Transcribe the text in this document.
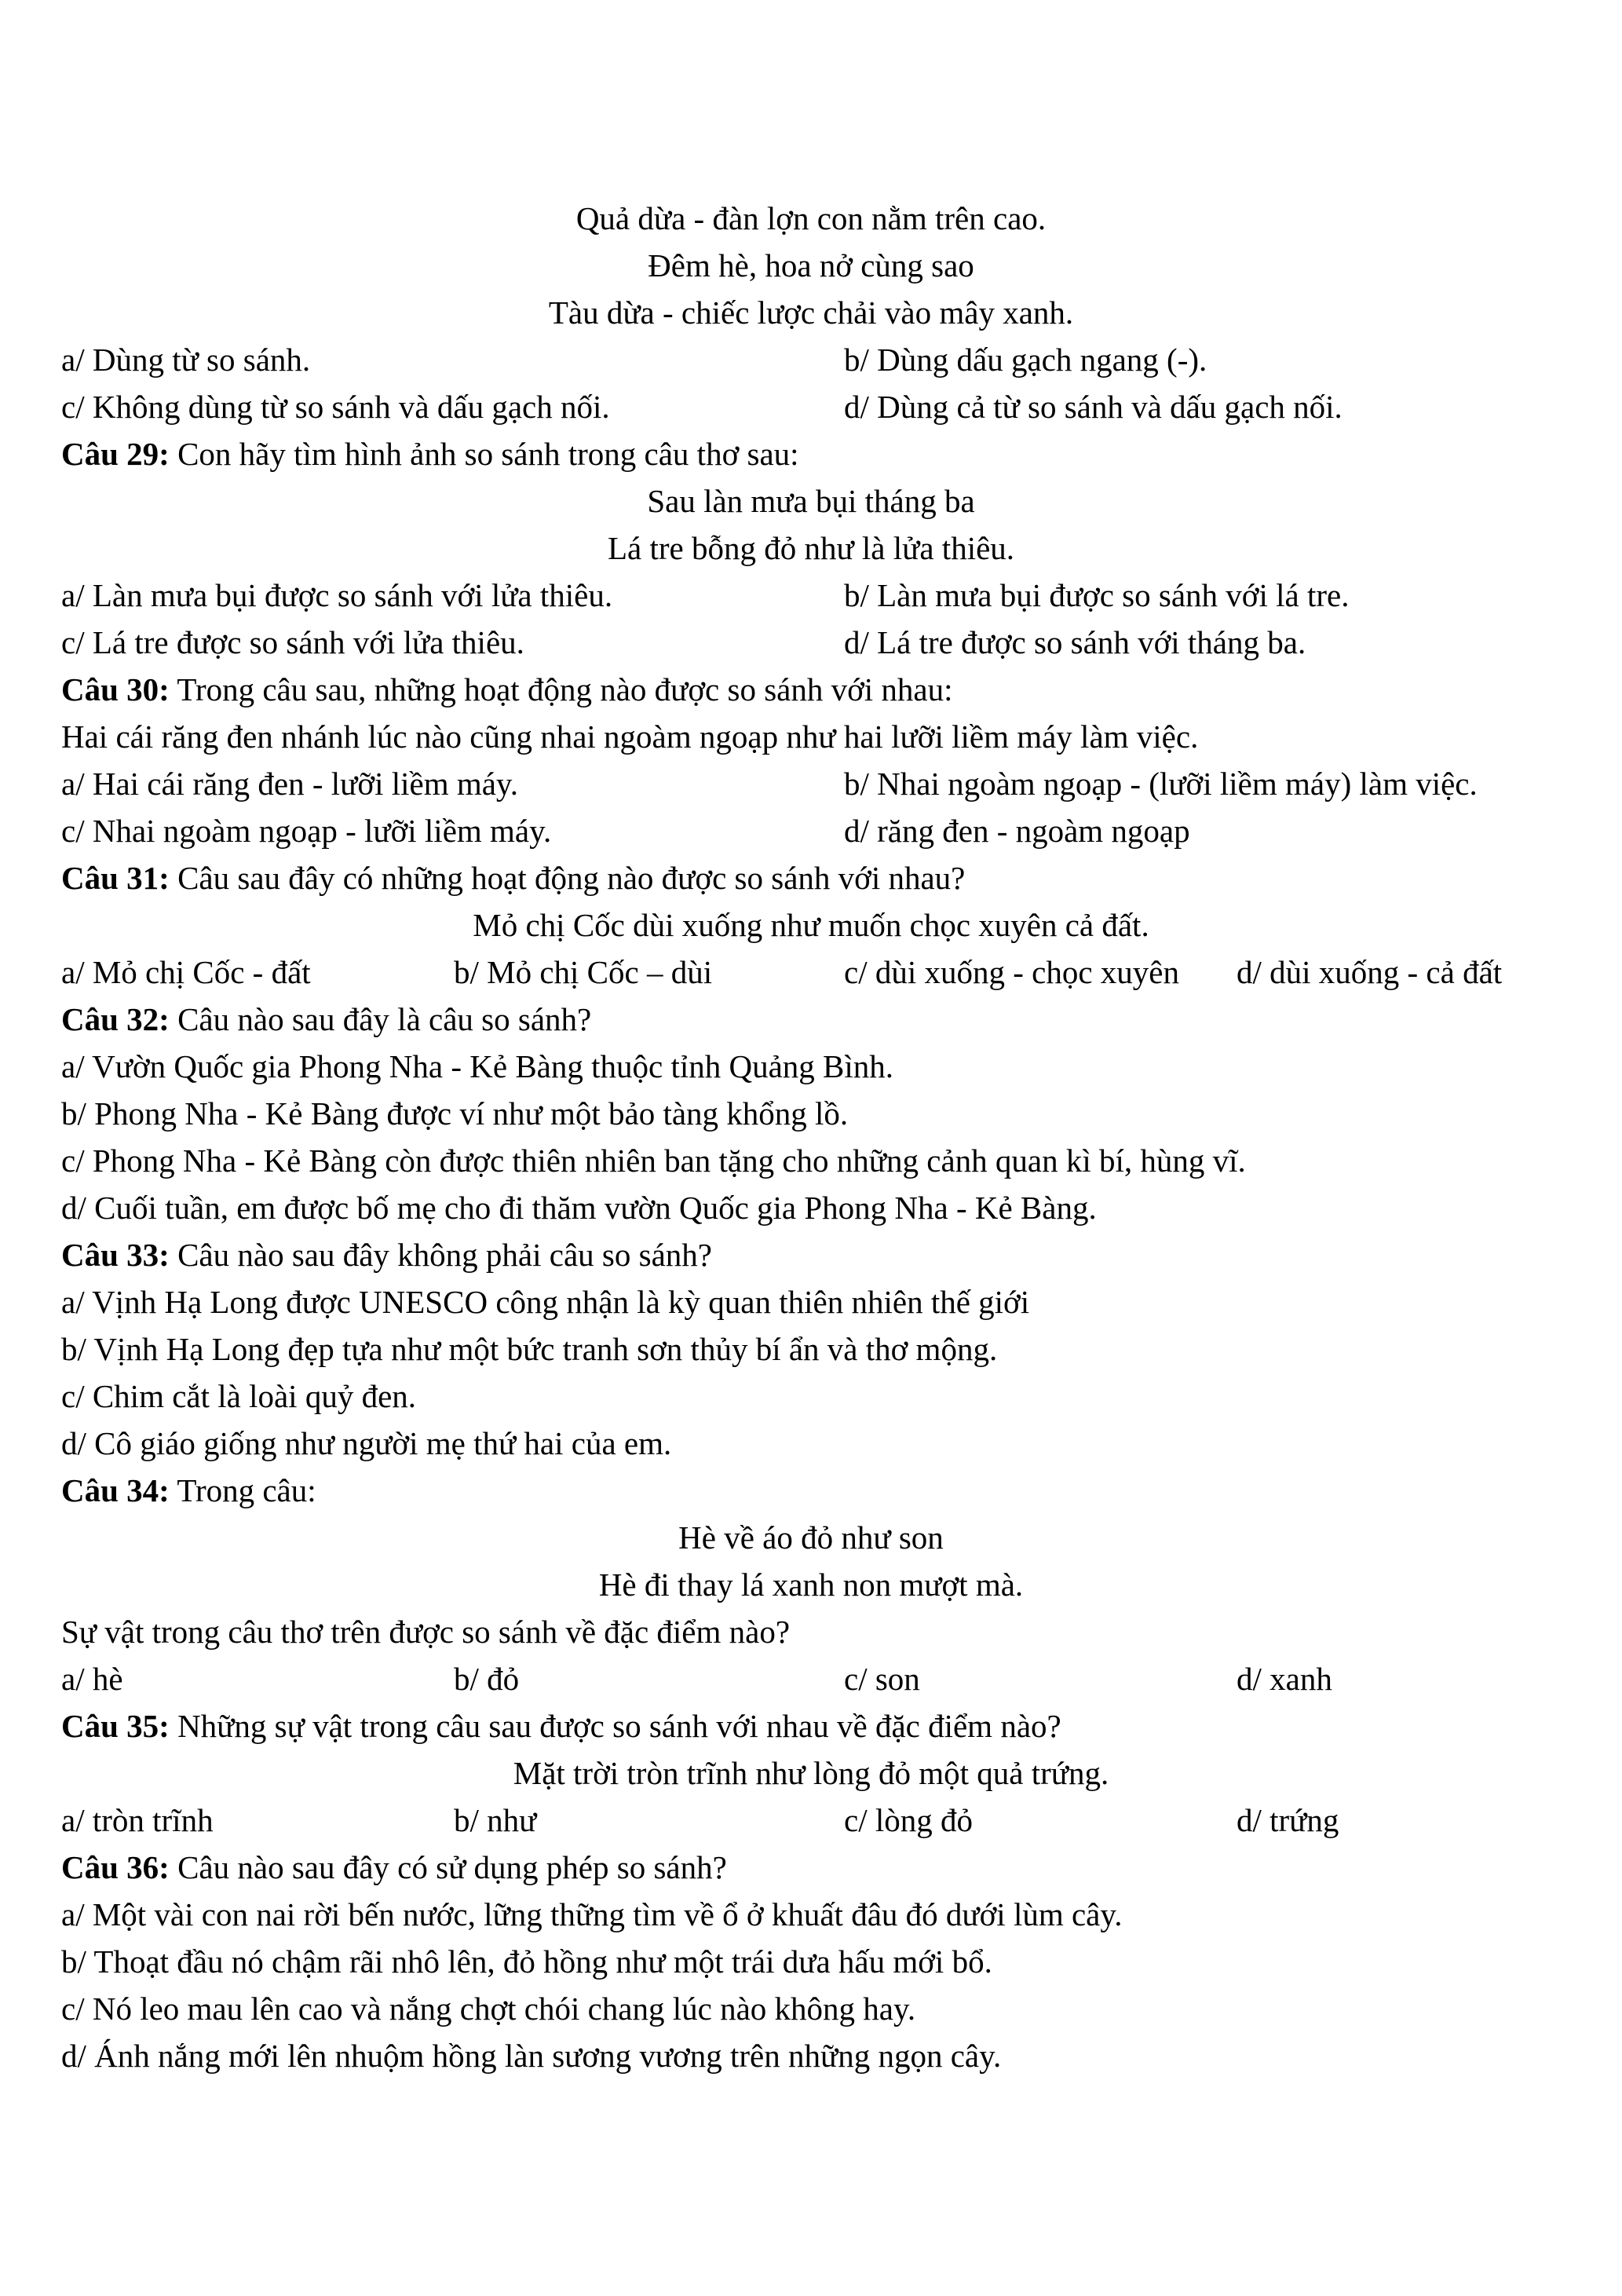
Quả dừa - đàn lợn con nằm trên cao.
Đêm hè, hoa nở cùng sao
Tàu dừa - chiếc lược chải vào mây xanh.
a/ Dùng từ so sánh.	b/ Dùng dấu gạch ngang (-).
c/ Không dùng từ so sánh và dấu gạch nối.	d/ Dùng cả từ so sánh và dấu gạch nối.
Câu 29: Con hãy tìm hình ảnh so sánh trong câu thơ sau:
Sau làn mưa bụi tháng ba
Lá tre bỗng đỏ như là lửa thiêu.
a/ Làn mưa bụi được so sánh với lửa thiêu.	b/ Làn mưa bụi được so sánh với lá tre.
c/ Lá tre được so sánh với lửa thiêu.	d/ Lá tre được so sánh với tháng ba.
Câu 30: Trong câu sau, những hoạt động nào được so sánh với nhau:
Hai cái răng đen nhánh lúc nào cũng nhai ngoàm ngoạp như hai lưỡi liềm máy làm việc.
a/ Hai cái răng đen - lưỡi liềm máy.	b/ Nhai ngoàm ngoạp - (lưỡi liềm máy) làm việc.
c/ Nhai ngoàm ngoạp - lưỡi liềm máy.	d/ răng đen - ngoàm ngoạp
Câu 31: Câu sau đây có những hoạt động nào được so sánh với nhau?
Mỏ chị Cốc dùi xuống như muốn chọc xuyên cả đất.
a/ Mỏ chị Cốc - đất	b/ Mỏ chị Cốc – dùi	c/ dùi xuống - chọc xuyên d/ dùi xuống - cả đất
Câu 32: Câu nào sau đây là câu so sánh?
a/ Vườn Quốc gia Phong Nha - Kẻ Bàng thuộc tỉnh Quảng Bình.
b/ Phong Nha - Kẻ Bàng được ví như một bảo tàng khổng lồ.
c/ Phong Nha - Kẻ Bàng còn được thiên nhiên ban tặng cho những cảnh quan kì bí, hùng vĩ.
d/ Cuối tuần, em được bố mẹ cho đi thăm vườn Quốc gia Phong Nha - Kẻ Bàng.
Câu 33: Câu nào sau đây không phải câu so sánh?
a/ Vịnh Hạ Long được UNESCO công nhận là kỳ quan thiên nhiên thế giới
b/ Vịnh Hạ Long đẹp tựa như một bức tranh sơn thủy bí ẩn và thơ mộng.
c/ Chim cắt là loài quỷ đen.
d/ Cô giáo giống như người mẹ thứ hai của em.
Câu 34: Trong câu:
Hè về áo đỏ như son
Hè đi thay lá xanh non mượt mà.
Sự vật trong câu thơ trên được so sánh về đặc điểm nào?
a/ hè	b/ đỏ	c/ son	d/ xanh
Câu 35: Những sự vật trong câu sau được so sánh với nhau về đặc điểm nào?
Mặt trời tròn trĩnh như lòng đỏ một quả trứng.
a/ tròn trĩnh	b/ như	c/ lòng đỏ	d/ trứng
Câu 36: Câu nào sau đây có sử dụng phép so sánh?
a/ Một vài con nai rời bến nước, lững thững tìm về ổ ở khuất đâu đó dưới lùm cây.
b/ Thoạt đầu nó chậm rãi nhô lên, đỏ hồng như một trái dưa hấu mới bổ.
c/ Nó leo mau lên cao và nắng chợt chói chang lúc nào không hay.
d/ Ánh nắng mới lên nhuộm hồng làn sương vương trên những ngọn cây.
